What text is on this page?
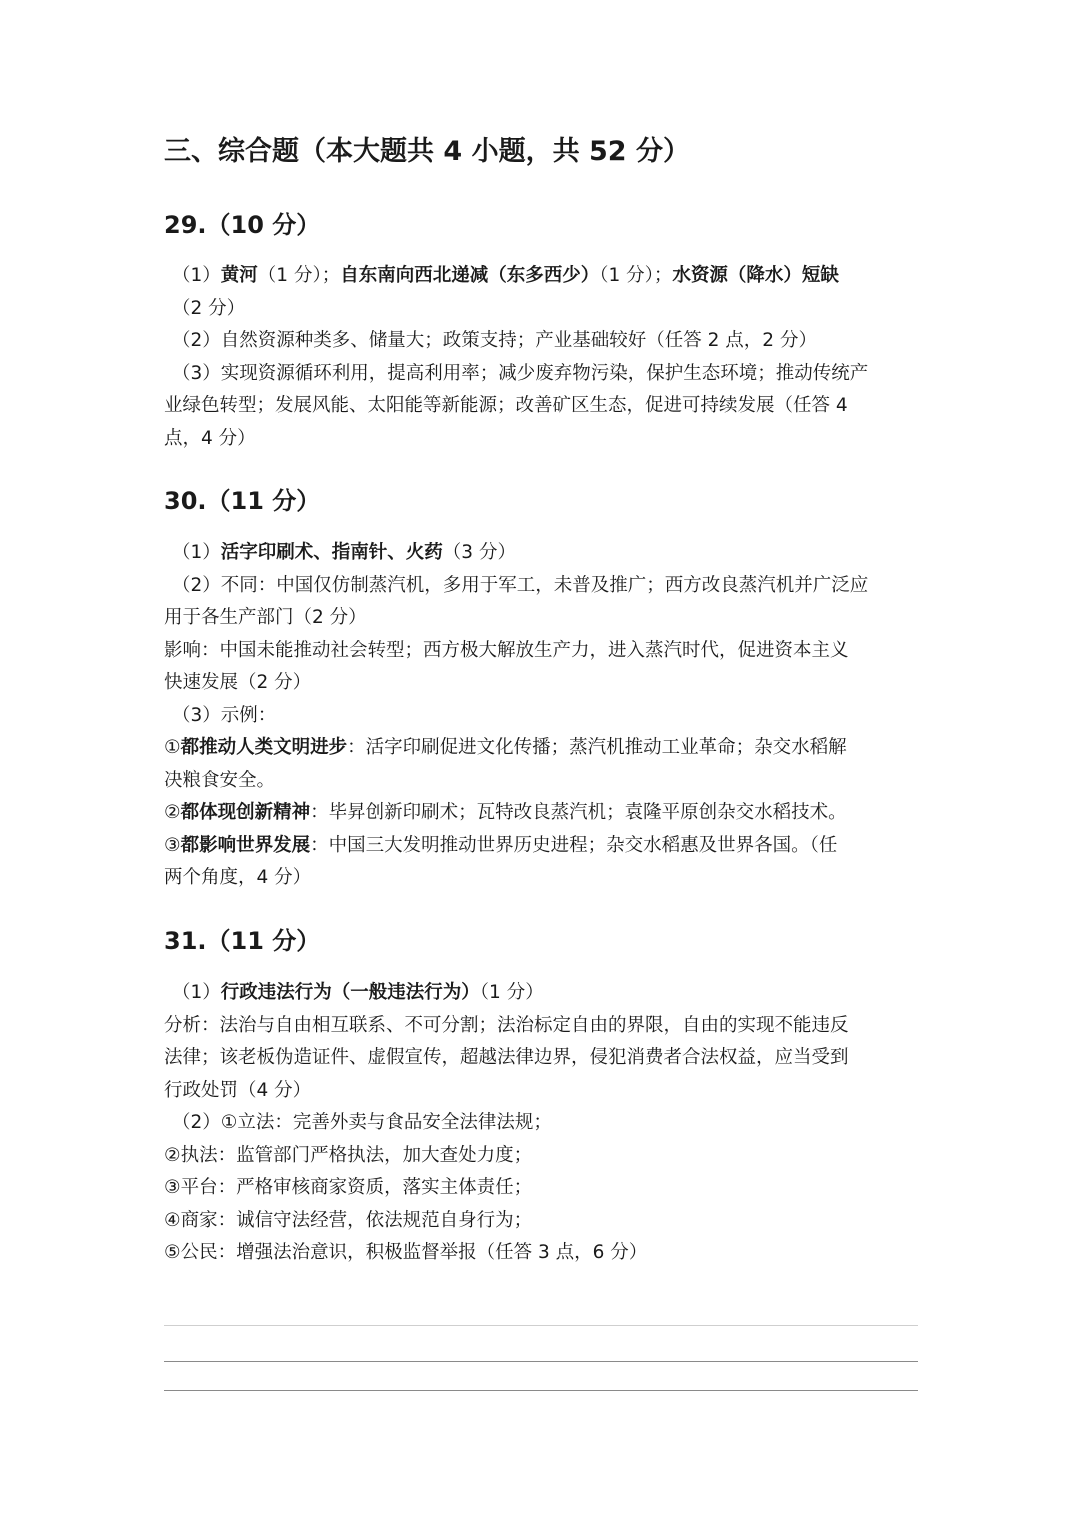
三、综合题（本大题共 4 小题，共 52 分）
29.（10 分）
（1）黄河（1 分）；自东南向西北递减（东多西少）（1 分）；水资源（降水）短缺
（2 分）
（2）自然资源种类多、储量大；政策支持；产业基础较好（任答 2 点，2 分）
（3）实现资源循环利用，提高利用率；减少废弃物污染，保护生态环境；推动传统产
业绿色转型；发展风能、太阳能等新能源；改善矿区生态，促进可持续发展（任答 4
点，4 分）
30.（11 分）
（1）活字印刷术、指南针、火药（3 分）
（2）不同：中国仅仿制蒸汽机，多用于军工，未普及推广；西方改良蒸汽机并广泛应
用于各生产部门（2 分）
影响：中国未能推动社会转型；西方极大解放生产力，进入蒸汽时代，促进资本主义
快速发展（2 分）
（3）示例：
①都推动人类文明进步：活字印刷促进文化传播；蒸汽机推动工业革命；杂交水稻解
决粮食安全。
②都体现创新精神：毕昇创新印刷术；瓦特改良蒸汽机；袁隆平原创杂交水稻技术。
③都影响世界发展：中国三大发明推动世界历史进程；杂交水稻惠及世界各国。（任
两个角度，4 分）
31.（11 分）
（1）行政违法行为（一般违法行为）（1 分）
分析：法治与自由相互联系、不可分割；法治标定自由的界限，自由的实现不能违反
法律；该老板伪造证件、虚假宣传，超越法律边界，侵犯消费者合法权益，应当受到
行政处罚（4 分）
（2）①立法：完善外卖与食品安全法律法规；
②执法：监管部门严格执法，加大查处力度；
③平台：严格审核商家资质，落实主体责任；
④商家：诚信守法经营，依法规范自身行为；
⑤公民：增强法治意识，积极监督举报（任答 3 点，6 分）
